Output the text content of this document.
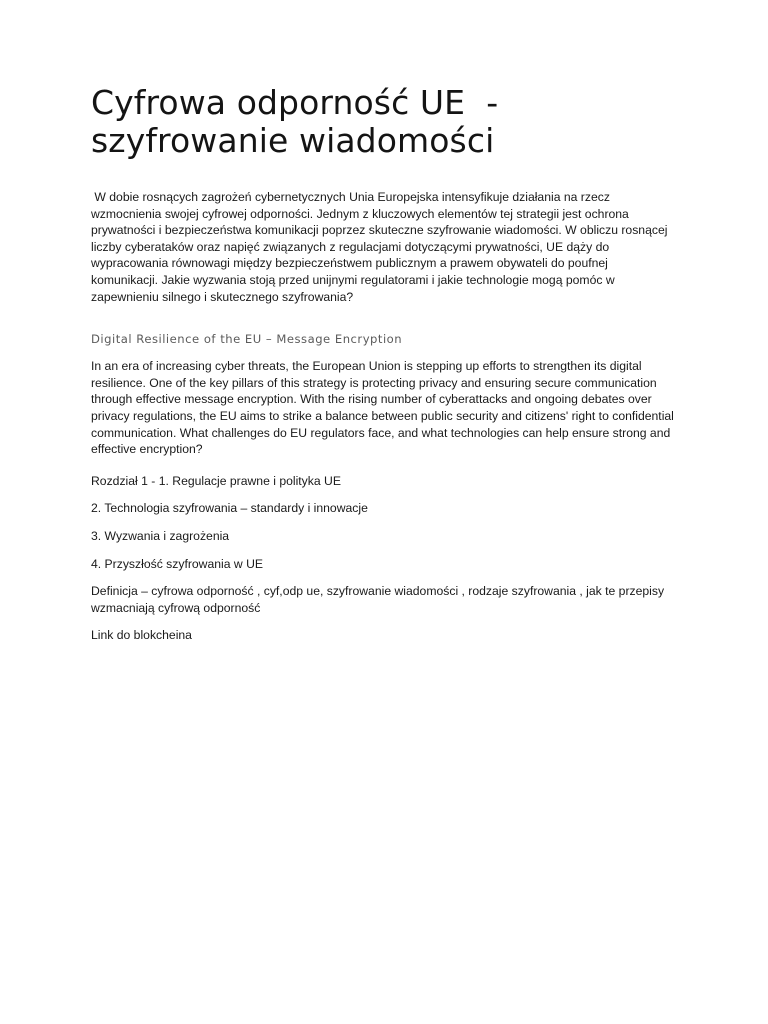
Cyfrowa odporność UE  -
szyfrowanie wiadomości

W dobie rosnących zagrożeń cybernetycznych Unia Europejska intensyfikuje działania na rzecz wzmocnienia swojej cyfrowej odporności. Jednym z kluczowych elementów tej strategii jest ochrona prywatności i bezpieczeństwa komunikacji poprzez skuteczne szyfrowanie wiadomości. W obliczu rosnącej liczby cyberataków oraz napięć związanych z regulacjami dotyczącymi prywatności, UE dąży do wypracowania równowagi między bezpieczeństwem publicznym a prawem obywateli do poufnej komunikacji. Jakie wyzwania stoją przed unijnymi regulatorami i jakie technologie mogą pomóc w zapewnieniu silnego i skutecznego szyfrowania?

Digital Resilience of the EU – Message Encryption

In an era of increasing cyber threats, the European Union is stepping up efforts to strengthen its digital resilience. One of the key pillars of this strategy is protecting privacy and ensuring secure communication through effective message encryption. With the rising number of cyberattacks and ongoing debates over privacy regulations, the EU aims to strike a balance between public security and citizens' right to confidential communication. What challenges do EU regulators face, and what technologies can help ensure strong and effective encryption?

Rozdział 1 - 1. Regulacje prawne i polityka UE

2. Technologia szyfrowania – standardy i innowacje

3. Wyzwania i zagrożenia

4. Przyszłość szyfrowania w UE

Definicja – cyfrowa odporność , cyf,odp ue, szyfrowanie wiadomości , rodzaje szyfrowania , jak te przepisy wzmacniają cyfrową odporność

Link do blokcheina
